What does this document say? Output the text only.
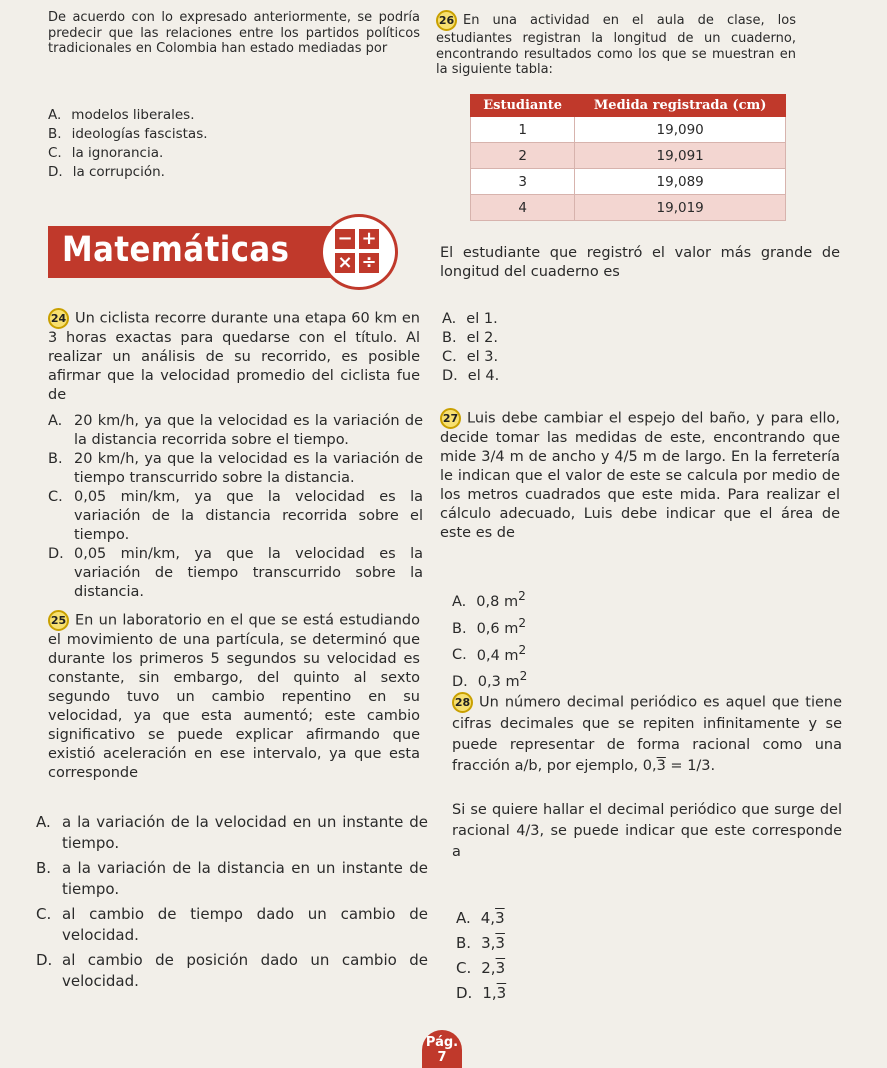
De acuerdo con lo expresado anteriormente, se podría predecir que las relaciones entre los partidos políticos tradicionales en Colombia han estado mediadas por

A. modelos liberales.

B. ideologías fascistas.

C. la ignorancia.

D. la corrupción.

Matemáticas	− +
× ÷

24 Un ciclista recorre durante una etapa 60 km en 3 horas exactas para quedarse con el título. Al realizar un análisis de su recorrido, es posible afirmar que la velocidad promedio del ciclista fue de

A. 20 km/h, ya que la velocidad es la variación de la distancia recorrida sobre el tiempo.

B. 20 km/h, ya que la velocidad es la variación de tiempo transcurrido sobre la distancia.

C. 0,05 min/km, ya que la velocidad es la variación de la distancia recorrida sobre el tiempo.

D. 0,05 min/km, ya que la velocidad es la variación de tiempo transcurrido sobre la distancia.

25 En un laboratorio en el que se está estudiando el movimiento de una partícula, se determinó que durante los primeros 5 segundos su velocidad es constante, sin embargo, del quinto al sexto segundo tuvo un cambio repentino en su velocidad, ya que esta aumentó; este cambio significativo se puede explicar afirmando que existió aceleración en ese intervalo, ya que esta corresponde

A. a la variación de la velocidad en un instante de tiempo.

B. a la variación de la distancia en un instante de tiempo.

C. al cambio de tiempo dado un cambio de velocidad.

D. al cambio de posición dado un cambio de velocidad.

26 En una actividad en el aula de clase, los estudiantes registran la longitud de un cuaderno, encontrando resultados como los que se muestran en la siguiente tabla:

Estudiante	Medida registrada (cm)
1	19,090
2	19,091
3	19,089
4	19,019

El estudiante que registró el valor más grande de longitud del cuaderno es

A. el 1.

B. el 2.

C. el 3.

D. el 4.

27 Luis debe cambiar el espejo del baño, y para ello, decide tomar las medidas de este, encontrando que mide 3/4 m de ancho y 4/5 m de largo. En la ferretería le indican que el valor de este se calcula por medio de los metros cuadrados que este mida. Para realizar el cálculo adecuado, Luis debe indicar que el área de este es de

A. 0,8 $m^2$

B. 0,6 $m^2$

C. 0,4 $m^2$

D. 0,3 $m^2$

28 Un número decimal periódico es aquel que tiene cifras decimales que se repiten infinitamente y se puede representar de forma racional como una fracción a/b, por ejemplo, 0,3 = 1/3.

Si se quiere hallar el decimal periódico que surge del racional 4/3, se puede indicar que este corresponde a

A. 4,3

B. 3,3

C. 2,3

D. 1,3

Pág.
7
